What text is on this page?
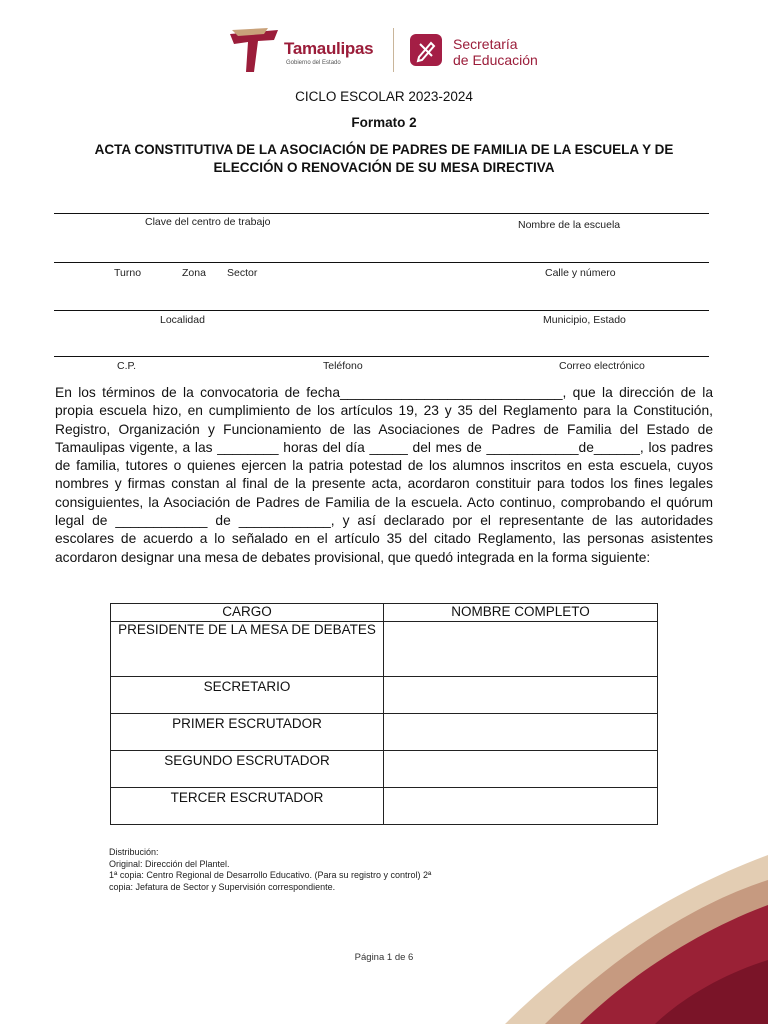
Tamaulipas
Gobierno del Estado
Secretaría
de Educación
CICLO ESCOLAR 2023-2024
Formato 2
ACTA CONSTITUTIVA DE LA ASOCIACIÓN DE PADRES DE FAMILIA DE LA ESCUELA Y DE ELECCIÓN O RENOVACIÓN DE SU MESA DIRECTIVA
Clave del centro de trabajo	Nombre de la escuela
Turno	Zona Sector	Calle y número
Localidad	Municipio, Estado
C.P.	Teléfono	Correo electrónico
En los términos de la convocatoria de fecha_____________________________, que la dirección de la propia escuela hizo, en cumplimiento de los artículos 19, 23 y 35 del Reglamento para la Constitución, Registro, Organización y Funcionamiento de las Asociaciones de Padres de Familia del Estado de Tamaulipas vigente, a las ________ horas del día _____ del mes de ____________de______, los padres de familia, tutores o quienes ejercen la patria potestad de los alumnos inscritos en esta escuela, cuyos nombres y firmas constan al final de la presente acta, acordaron constituir para todos los fines legales consiguientes, la Asociación de Padres de Familia de la escuela. Acto continuo, comprobando el quórum legal de ____________ de ____________, y así declarado por el representante de las autoridades escolares de acuerdo a lo señalado en el artículo 35 del citado Reglamento, las personas asistentes acordaron designar una mesa de debates provisional, que quedó integrada en la forma siguiente:
CARGO	NOMBRE COMPLETO
PRESIDENTE DE LA MESA DE DEBATES	
SECRETARIO	
PRIMER ESCRUTADOR	
SEGUNDO ESCRUTADOR	
TERCER ESCRUTADOR	
Distribución:
Original: Dirección del Plantel.
1ª copia: Centro Regional de Desarrollo Educativo. (Para su registro y control) 2ª copia: Jefatura de Sector y Supervisión correspondiente.
Página 1 de 6
